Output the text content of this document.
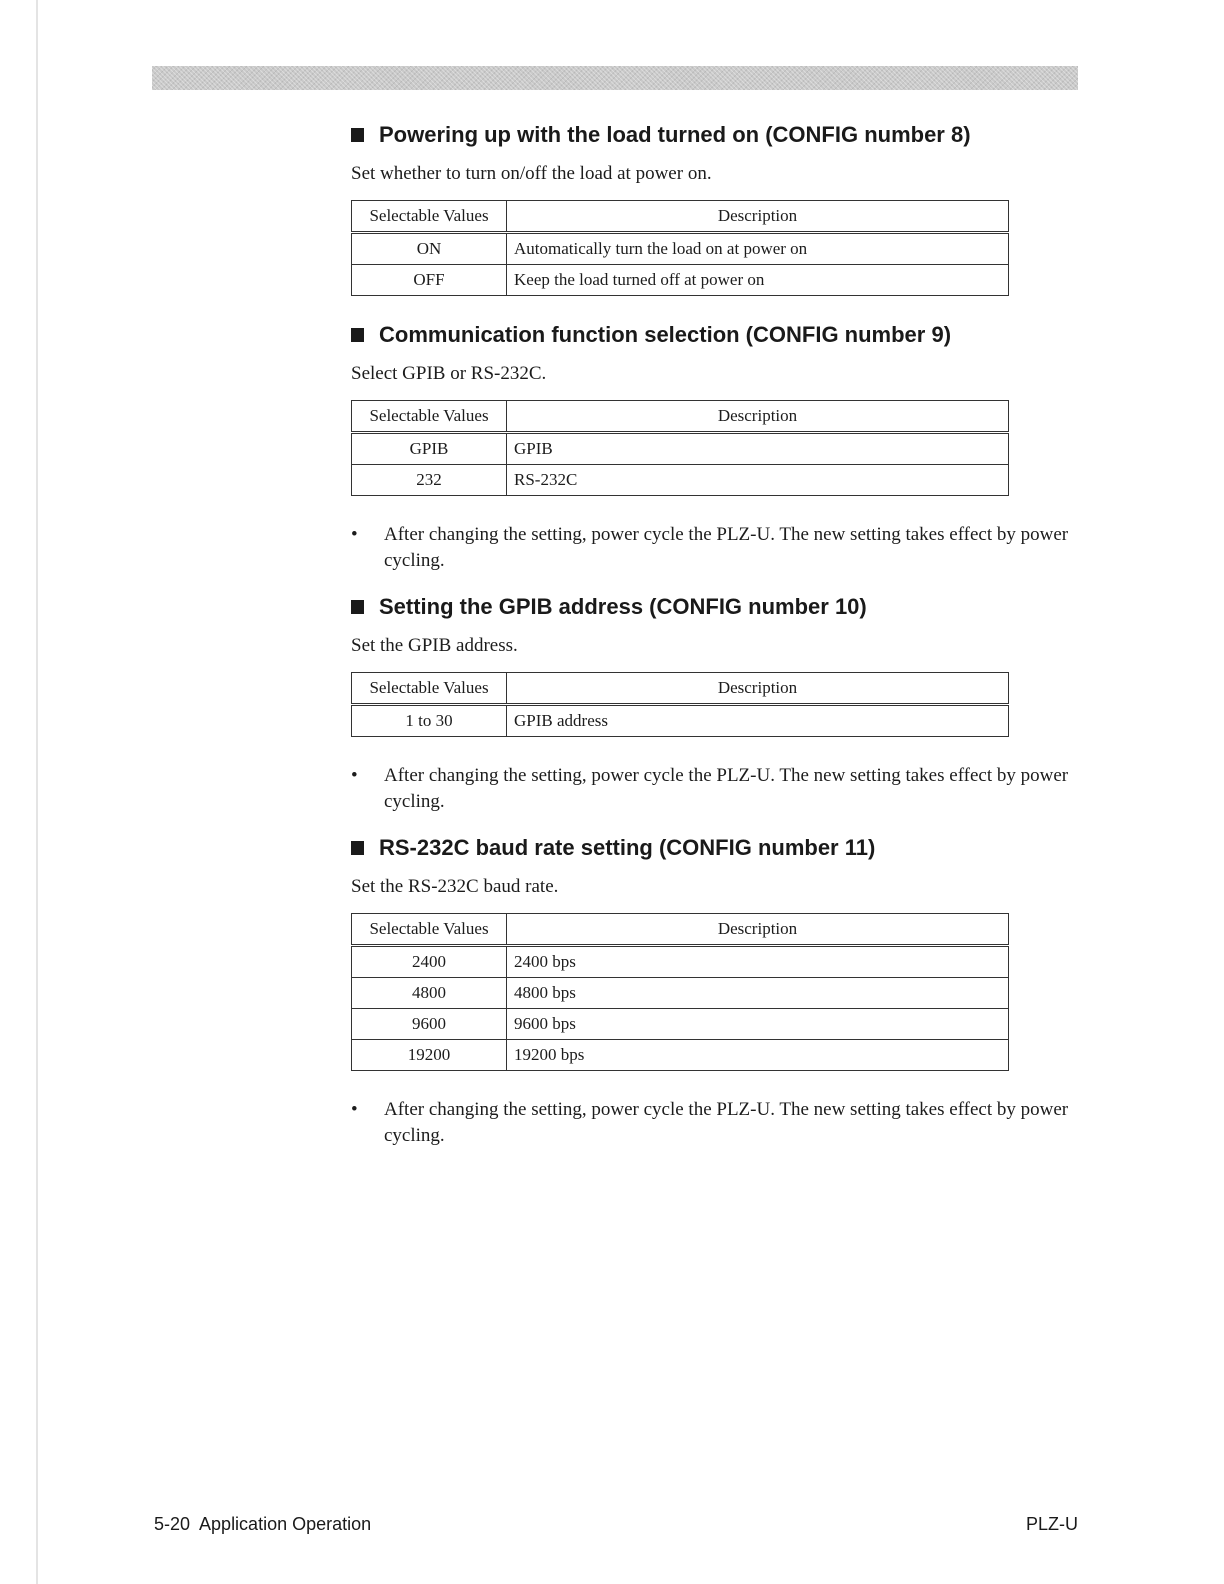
Powering up with the load turned on (CONFIG number 8)

Set whether to turn on/off the load at power on.

Selectable Values	Description
ON	Automatically turn the load on at power on
OFF	Keep the load turned off at power on
Communication function selection (CONFIG number 9)

Select GPIB or RS-232C.

Selectable Values	Description
GPIB	GPIB
232	RS-232C
•	After changing the setting, power cycle the PLZ-U. The new setting takes effect by power cycling.
Setting the GPIB address (CONFIG number 10)

Set the GPIB address.

Selectable Values	Description
1 to 30	GPIB address
•	After changing the setting, power cycle the PLZ-U. The new setting takes effect by power cycling.
RS-232C baud rate setting (CONFIG number 11)

Set the RS-232C baud rate.

Selectable Values	Description
2400	2400 bps
4800	4800 bps
9600	9600 bps
19200	19200 bps
•	After changing the setting, power cycle the PLZ-U. The new setting takes effect by power cycling.
5-20  Application Operation	PLZ-U
